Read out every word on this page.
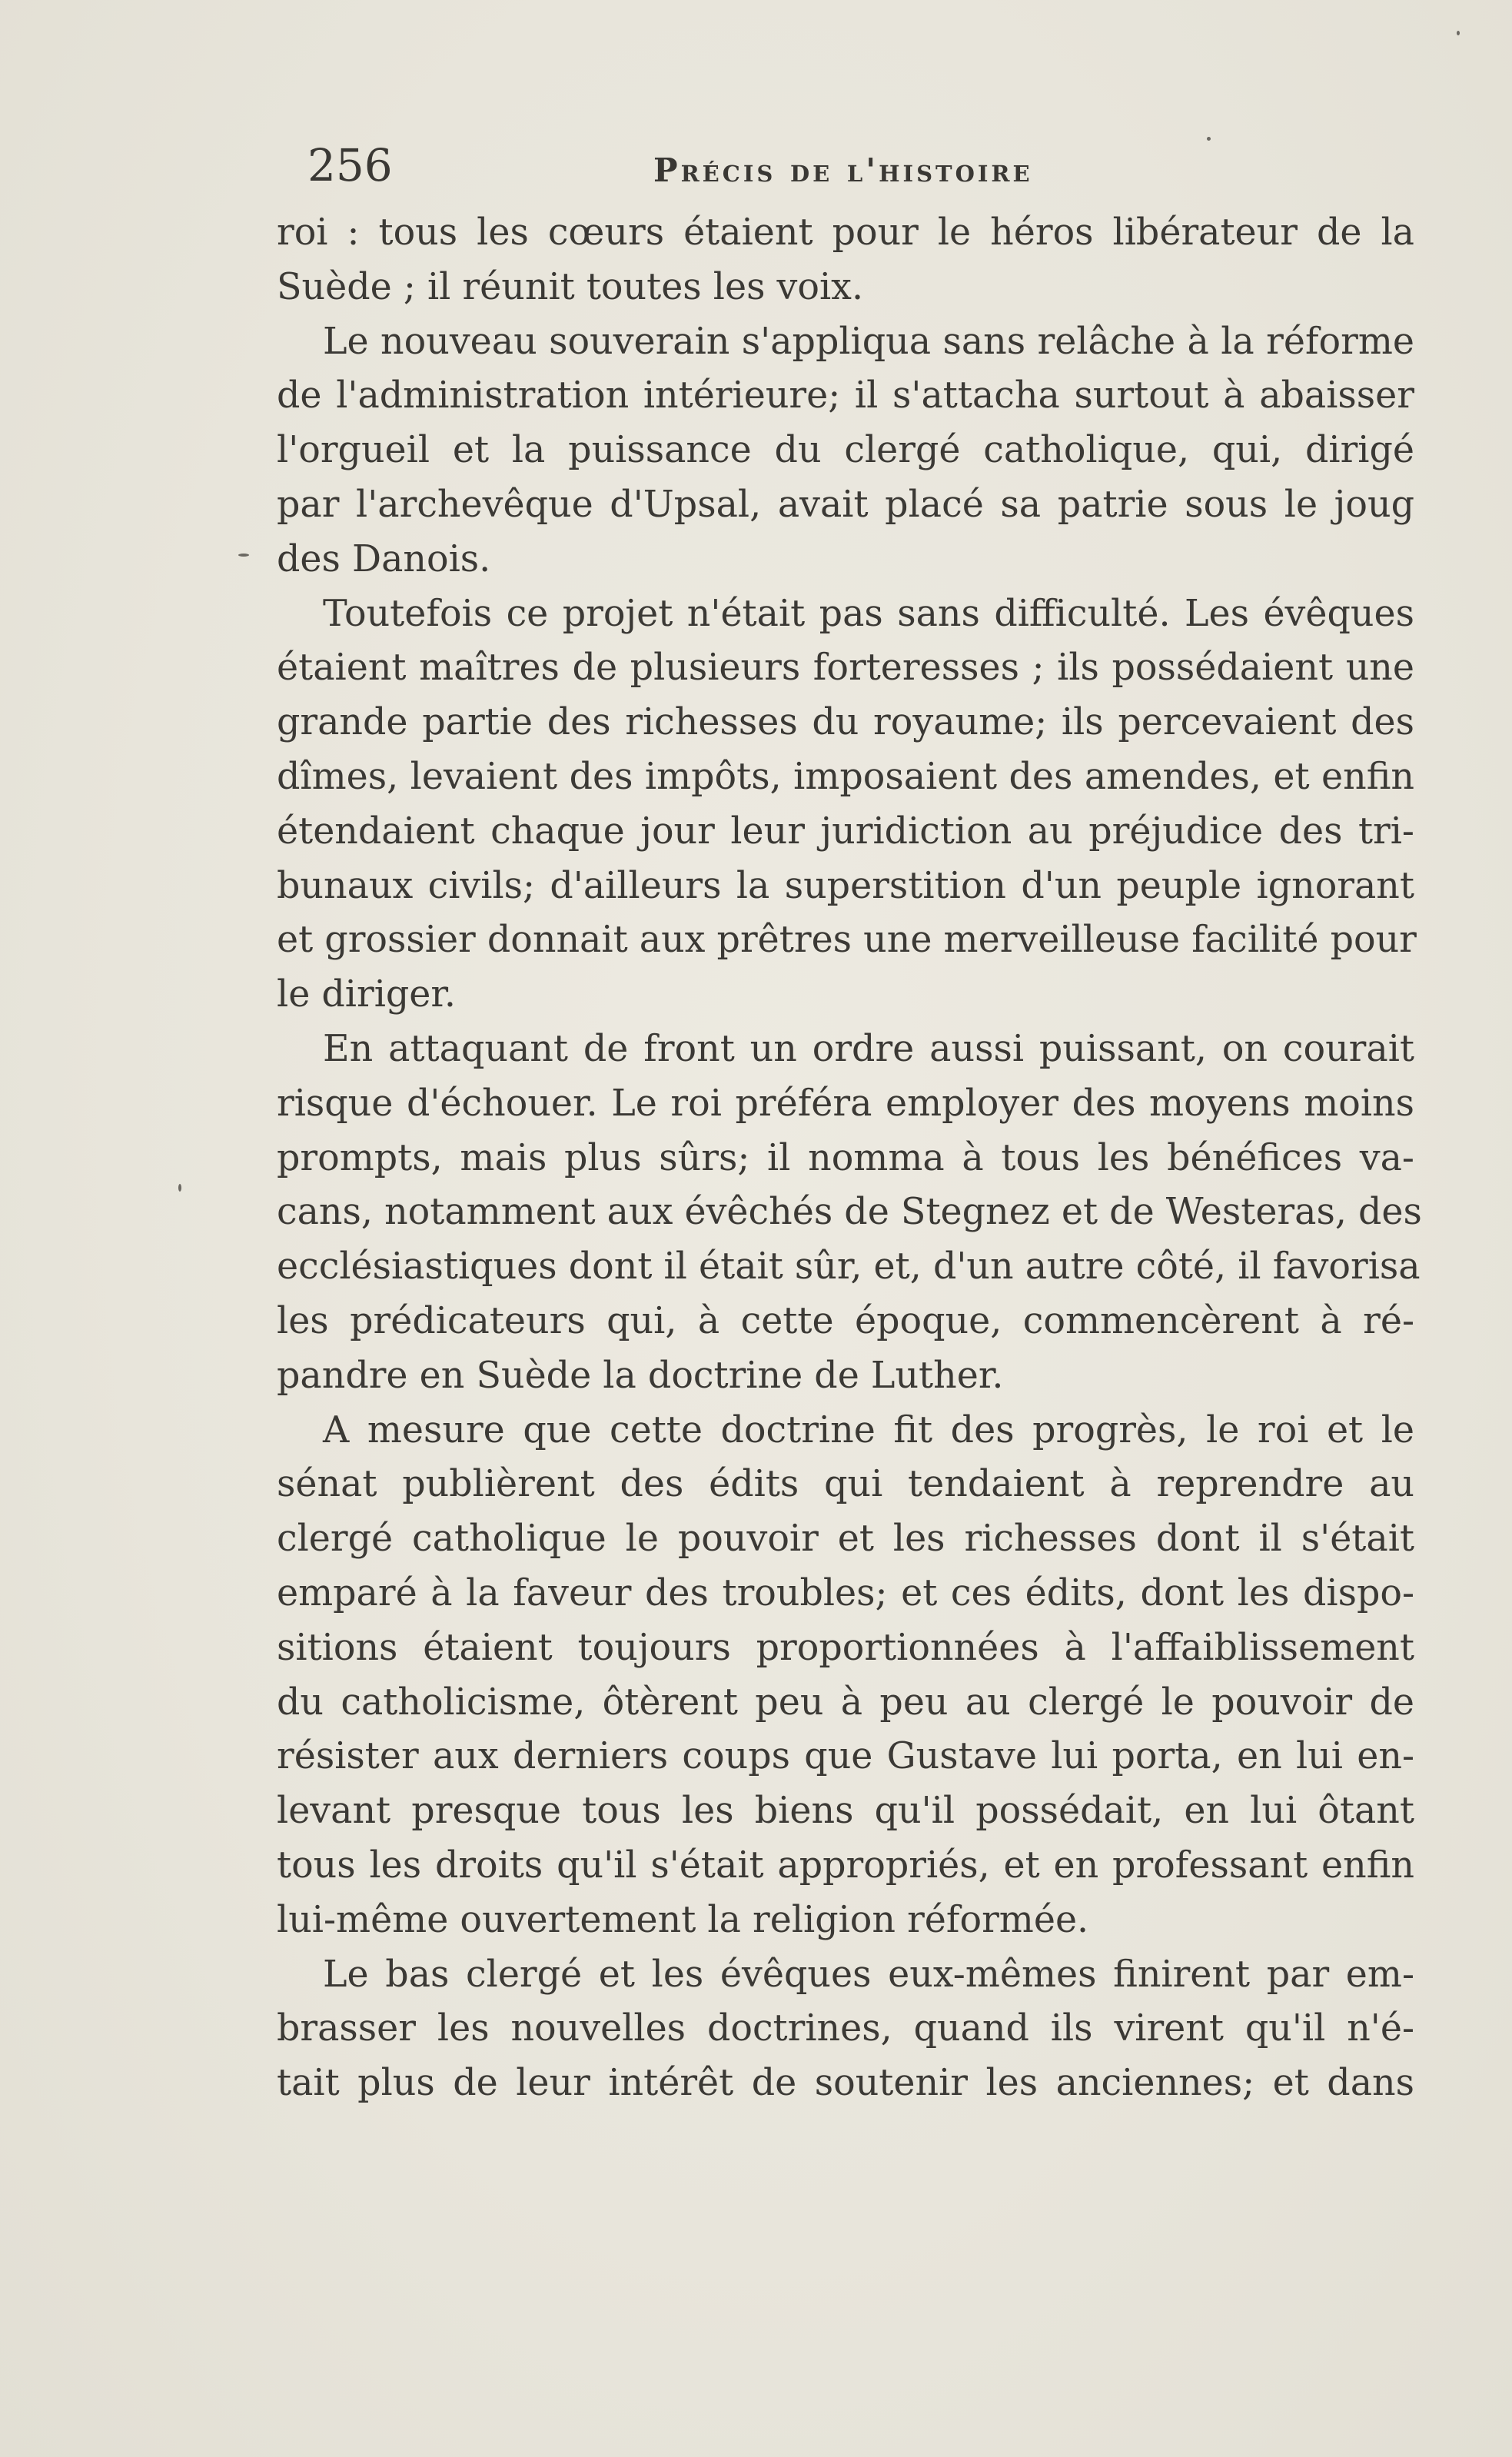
256	Précis de l'histoire
roi : tous les cœurs étaient pour le héros libérateur de la
Suède ; il réunit toutes les voix.
Le nouveau souverain s'appliqua sans relâche à la réforme
de l'administration intérieure; il s'attacha surtout à abaisser
l'orgueil et la puissance du clergé catholique, qui, dirigé
par l'archevêque d'Upsal, avait placé sa patrie sous le joug
des Danois.
Toutefois ce projet n'était pas sans difficulté. Les évêques
étaient maîtres de plusieurs forteresses ; ils possédaient une
grande partie des richesses du royaume; ils percevaient des
dîmes, levaient des impôts, imposaient des amendes, et enfin
étendaient chaque jour leur juridiction au préjudice des tri-
bunaux civils; d'ailleurs la superstition d'un peuple ignorant
et grossier donnait aux prêtres une merveilleuse facilité pour
le diriger.
En attaquant de front un ordre aussi puissant, on courait
risque d'échouer. Le roi préféra employer des moyens moins
prompts, mais plus sûrs; il nomma à tous les bénéfices va-
cans, notamment aux évêchés de Stegnez et de Westeras, des
ecclésiastiques dont il était sûr, et, d'un autre côté, il favorisa
les prédicateurs qui, à cette époque, commencèrent à ré-
pandre en Suède la doctrine de Luther.
A mesure que cette doctrine fit des progrès, le roi et le
sénat publièrent des édits qui tendaient à reprendre au
clergé catholique le pouvoir et les richesses dont il s'était
emparé à la faveur des troubles; et ces édits, dont les dispo-
sitions étaient toujours proportionnées à l'affaiblissement
du catholicisme, ôtèrent peu à peu au clergé le pouvoir de
résister aux derniers coups que Gustave lui porta, en lui en-
levant presque tous les biens qu'il possédait, en lui ôtant
tous les droits qu'il s'était appropriés, et en professant enfin
lui-même ouvertement la religion réformée.
Le bas clergé et les évêques eux-mêmes finirent par em-
brasser les nouvelles doctrines, quand ils virent qu'il n'é-
tait plus de leur intérêt de soutenir les anciennes; et dans
